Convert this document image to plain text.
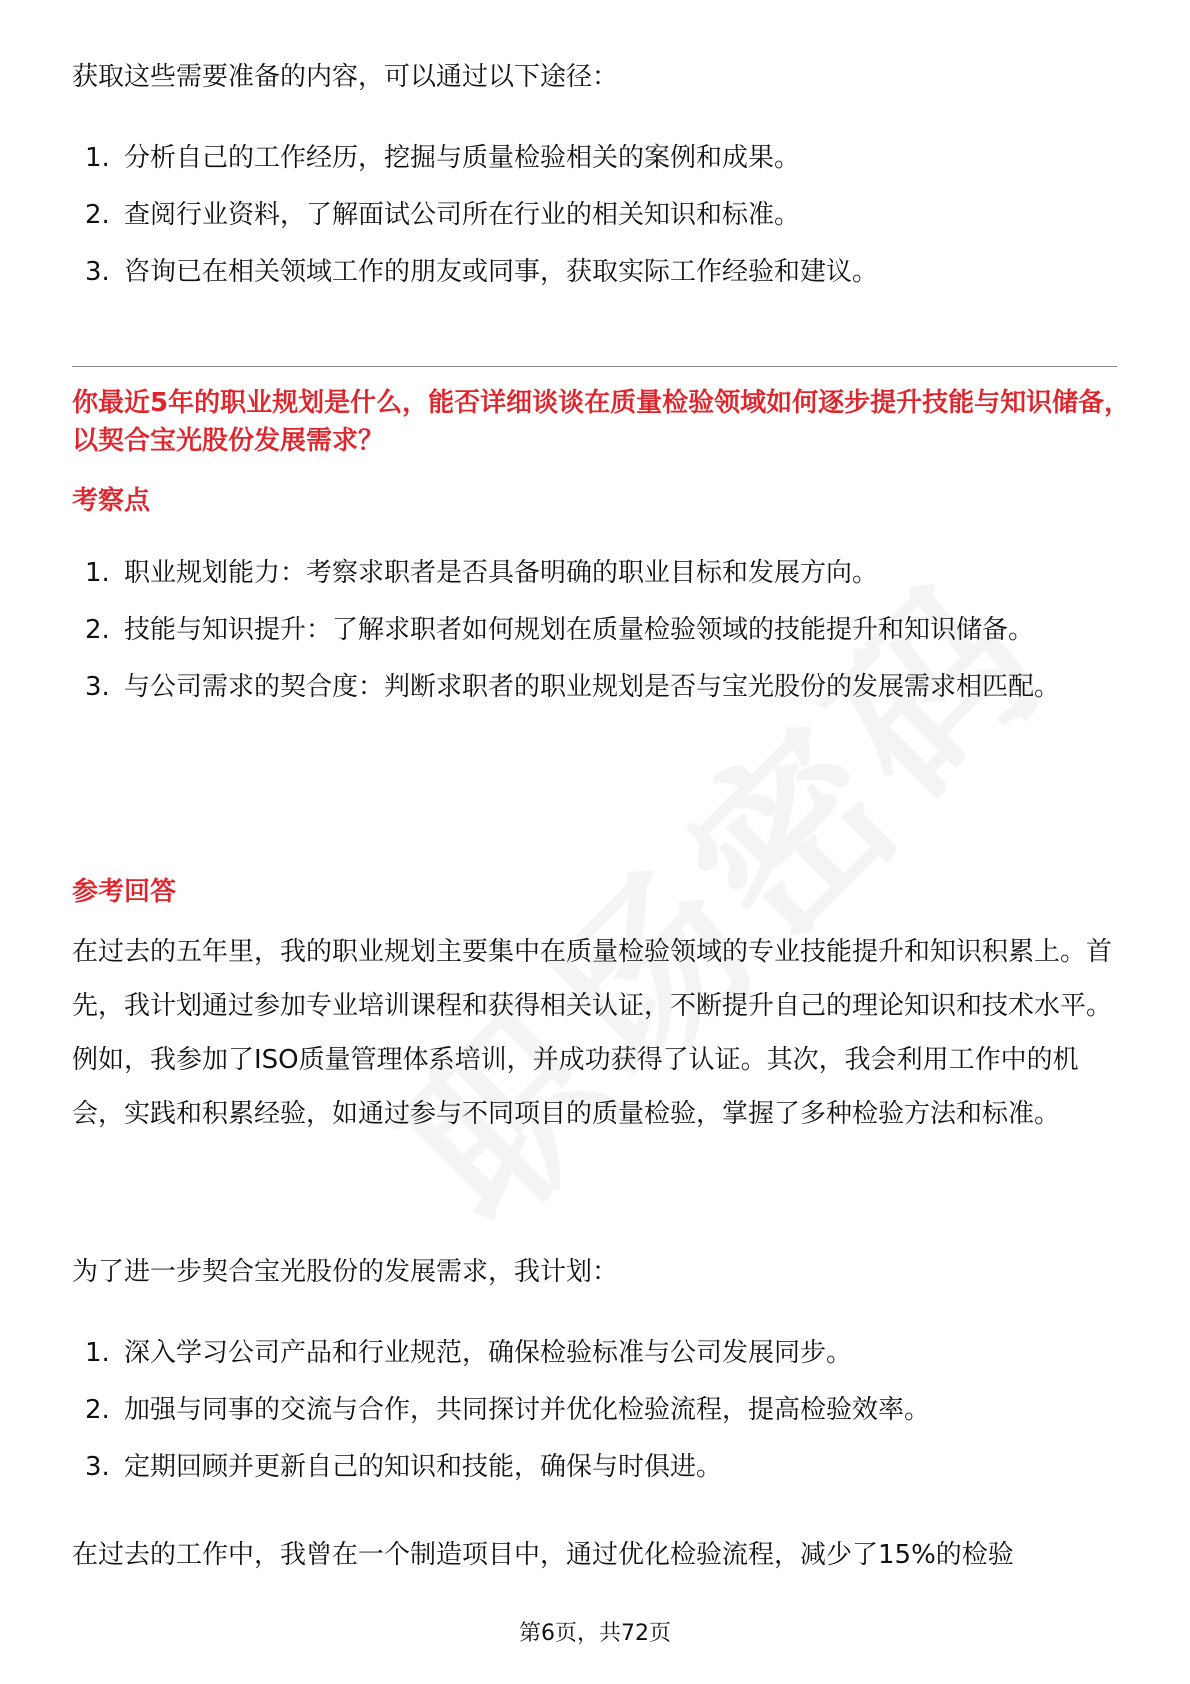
获取这些需要准备的内容，可以通过以下途径：

1. 分析自己的工作经历，挖掘与质量检验相关的案例和成果。
2. 查阅行业资料，了解面试公司所在行业的相关知识和标准。
3. 咨询已在相关领域工作的朋友或同事，获取实际工作经验和建议。

你最近5年的职业规划是什么，能否详细谈谈在质量检验领域如何逐步提升技能与知识储备，以契合宝光股份发展需求？

考察点

1. 职业规划能力：考察求职者是否具备明确的职业目标和发展方向。
2. 技能与知识提升：了解求职者如何规划在质量检验领域的技能提升和知识储备。
3. 与公司需求的契合度：判断求职者的职业规划是否与宝光股份的发展需求相匹配。

参考回答

在过去的五年里，我的职业规划主要集中在质量检验领域的专业技能提升和知识积累上。首先，我计划通过参加专业培训课程和获得相关认证，不断提升自己的理论知识和技术水平。例如，我参加了ISO质量管理体系培训，并成功获得了认证。其次，我会利用工作中的机会，实践和积累经验，如通过参与不同项目的质量检验，掌握了多种检验方法和标准。

为了进一步契合宝光股份的发展需求，我计划：

1. 深入学习公司产品和行业规范，确保检验标准与公司发展同步。
2. 加强与同事的交流与合作，共同探讨并优化检验流程，提高检验效率。
3. 定期回顾并更新自己的知识和技能，确保与时俱进。

在过去的工作中，我曾在一个制造项目中，通过优化检验流程，减少了15%的检验

第6页，共72页
